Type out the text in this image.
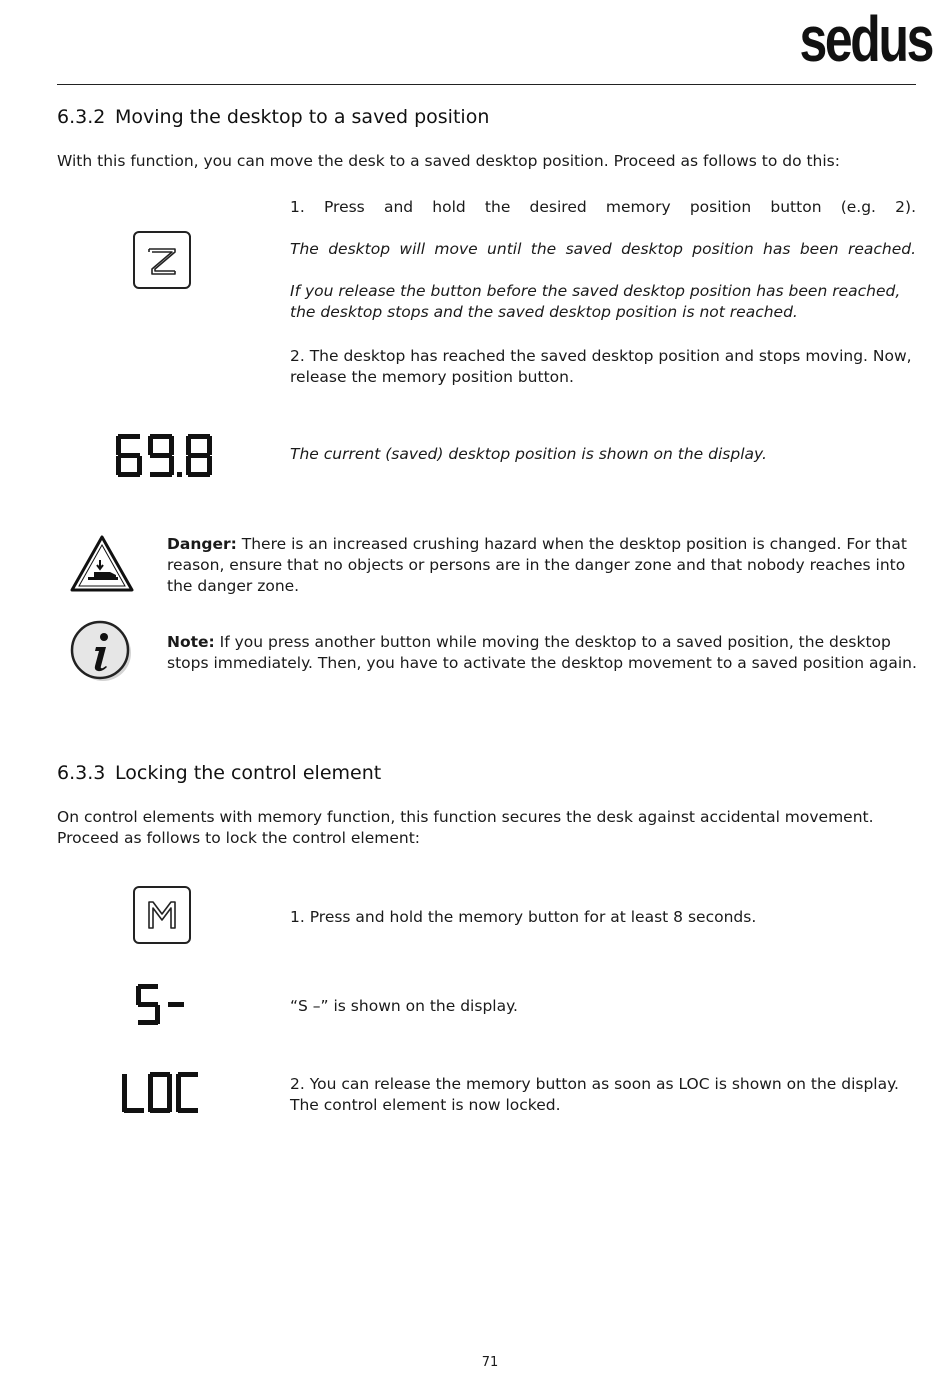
sedus
6.3.2 Moving the desktop to a saved position
With this function, you can move the desk to a saved desktop position. Proceed as follows to do this:
1. Press and hold the desired memory position button (e.g. 2).
The desktop will move until the saved desktop position has been reached.
If you release the button before the saved desktop position has been reached, the desktop stops and the saved desktop position is not reached.
2. The desktop has reached the saved desktop position and stops moving. Now, release the memory position button.
The current (saved) desktop position is shown on the display.
Danger: There is an increased crushing hazard when the desktop position is changed. For that reason, ensure that no objects or persons are in the danger zone and that nobody reaches into the danger zone.
Note: If you press another button while moving the desktop to a saved position, the desktop stops immediately. Then, you have to activate the desktop movement to a saved position again.
6.3.3 Locking the control element
On control elements with memory function, this function secures the desk against accidental movement. Proceed as follows to lock the control element:
1. Press and hold the memory button for at least 8 seconds.
“S –” is shown on the display.
2. You can release the memory button as soon as LOC is shown on the display. The control element is now locked.
71
